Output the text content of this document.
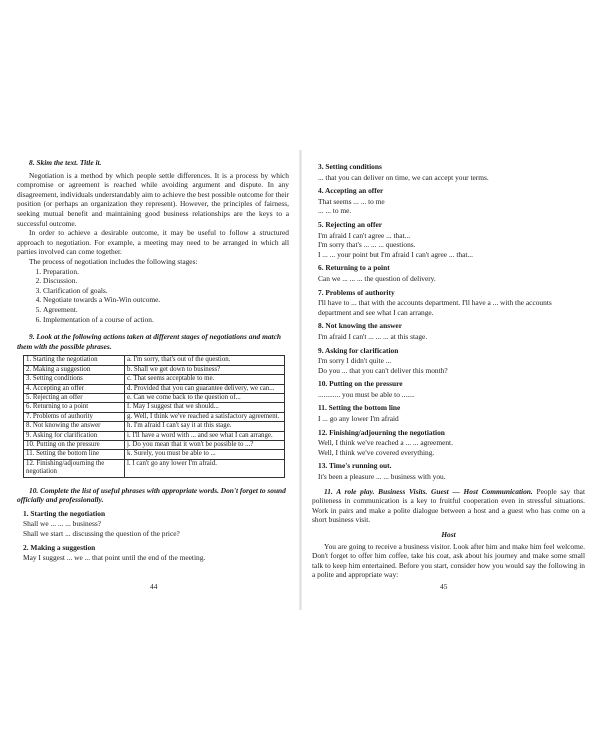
8. Skim the text. Title it.

Negotiation is a method by which people settle differences. It is a process by which compromise or agreement is reached while avoiding argument and dispute. In any disagreement, individuals understandably aim to achieve the best possible outcome for their position (or perhaps an organization they represent). However, the principles of fairness, seeking mutual benefit and maintaining good business relationships are the keys to a successful outcome.

In order to achieve a desirable outcome, it may be useful to follow a structured approach to negotiation. For example, a meeting may need to be arranged in which all parties involved can come together.

The process of negotiation includes the following stages:

1. Preparation.
2. Discussion.
3. Clarification of goals.
4. Negotiate towards a Win-Win outcome.
5. Agreement.
6. Implementation of a course of action.

9. Look at the following actions taken at different stages of negotiations and match them with the possible phrases.

1. Starting the negotiation	a. I'm sorry, that's out of the question.
2. Making a suggestion	b. Shall we get down to business?
3. Setting conditions	c. That seems acceptable to me.
4. Accepting an offer	d. Provided that you can guarantee delivery, we can...
5. Rejecting an offer	e. Can we come back to the question of...
6. Returning to a point	f. May I suggest that we should...
7. Problems of authority	g. Well, I think we've reached a satisfactory agreement.
8. Not knowing the answer	h. I'm afraid I can't say it at this stage.
9. Asking for clarification	i. I'll have a word with ... and see what I can arrange.
10. Putting on the pressure	j. Do you mean that it won't be possible to ...?
11. Setting the bottom line	k. Surely, you must be able to ...
12. Finishing/adjourning the negotiation	l. I can't go any lower I'm afraid.

10. Complete the list of useful phrases with appropriate words. Don't forget to sound officially and professionally.

1. Starting the negotiation
Shall we ... ... ... business?
Shall we start ... discussing the question of the price?
2. Making a suggestion
May I suggest ... we ... that point until the end of the meeting.
44
3. Setting conditions
... that you can deliver on time, we can accept your terms.
4. Accepting an offer
That seems ... ... to me
... ... to me.
5. Rejecting an offer
I'm afraid I can't agree ... that...
I'm sorry that's ... ... ... questions.
I ... ... your point but I'm afraid I can't agree ... that...
6. Returning to a point
Can we ... ... ... the question of delivery.
7. Problems of authority
I'll have to ... that with the accounts department. I'll have a ... with the accounts department and see what I can arrange.
8. Not knowing the answer
I'm afraid I can't ... ... ... at this stage.
9. Asking for clarification
I'm sorry I didn't quite ...
Do you ... that you can't deliver this month?
10. Putting on the pressure
............ you must be able to .......
11. Setting the bottom line
I ... go any lower I'm afraid
12. Finishing/adjourning the negotiation
Well, I think we've reached a ... ... agreement.
Well, I think we've covered everything.
13. Time's running out.
It's been a pleasure ... ... business with you.

11. A role play. Business Visits. Guest — Host Communication. People say that politeness in communication is a key to fruitful cooperation even in stressful situations. Work in pairs and make a polite dialogue between a host and a guest who has come on a short business visit.

Host

You are going to receive a business visitor. Look after him and make him feel welcome. Don't forget to offer him coffee, take his coat, ask about his journey and make some small talk to keep him entertained. Before you start, consider how you would say the following in a polite and appropriate way:

45
